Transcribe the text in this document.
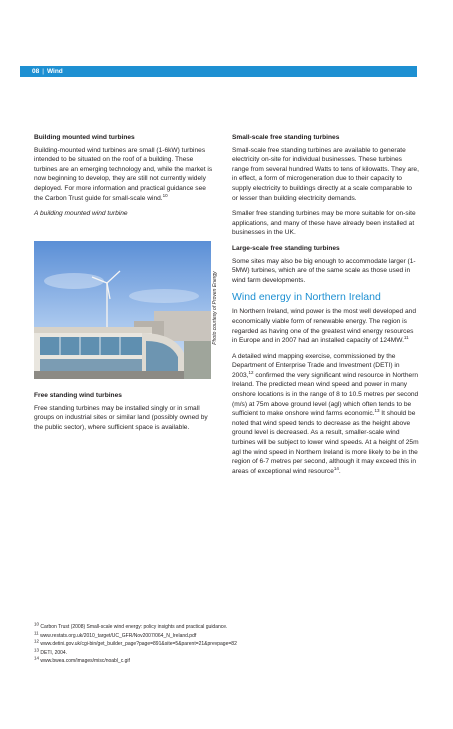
08 | Wind
Building mounted wind turbines

Building-mounted wind turbines are small (1-6kW) turbines intended to be situated on the roof of a building. These turbines are an emerging technology and, while the market is now beginning to develop, they are still not currently widely deployed. For more information and practical guidance see the Carbon Trust guide for small-scale wind.$^{10}$

A building mounted wind turbine

Photo courtesy of Proven Energy
Free standing wind turbines

Free standing turbines may be installed singly or in small groups on industrial sites or similar land (possibly owned by the public sector), where sufficient space is available.

Small-scale free standing turbines

Small-scale free standing turbines are available to generate electricity on-site for individual businesses. These turbines range from several hundred Watts to tens of kilowatts. They are, in effect, a form of microgeneration due to their capacity to supply electricity to buildings directly at a scale comparable to or lesser than building electricity demands.

Smaller free standing turbines may be more suitable for on-site applications, and many of these have already been installed at businesses in the UK.

Large-scale free standing turbines

Some sites may also be big enough to accommodate larger (1-5MW) turbines, which are of the same scale as those used in wind farm developments.

Wind energy in Northern Ireland

In Northern Ireland, wind power is the most well developed and economically viable form of renewable energy. The region is regarded as having one of the greatest wind energy resources in Europe and in 2007 had an installed capacity of 124MW.$^{11}$

A detailed wind mapping exercise, commissioned by the Department of Enterprise Trade and Investment (DETI) in 2003,12 confirmed the very significant wind resource in Northern Ireland. The predicted mean wind speed and power in many onshore locations is in the range of 8 to 10.5 metres per second (m/s) at 75m above ground level (agl) which often tends to be sufficient to make onshore wind farms economic.$^{13}$ It should be noted that wind speed tends to decrease as the height above ground level is decreased. As a result, smaller-scale wind turbines will be subject to lower wind speeds. At a height of 25m agl the wind speed in Northern Ireland is more likely to be in the region of 6-7 metres per second, although it may exceed this in areas of exceptional wind resource$^{14}$.

$^{10}$ Carbon Trust (2008) Small-scale wind energy: policy insights and practical guidance.
$^{11}$ www.restats.org.uk/2010_target/UC_GFR/Nov2007/064_N_Ireland.pdf
$^{12}$ www.detini.gov.uk/cgi-bin/get_builder_page?page=891&site=5&parent=21&prevpage=82
$^{13}$ DETI, 2004.
$^{14}$ www.bwea.com/images/misc/noabl_c.gif
